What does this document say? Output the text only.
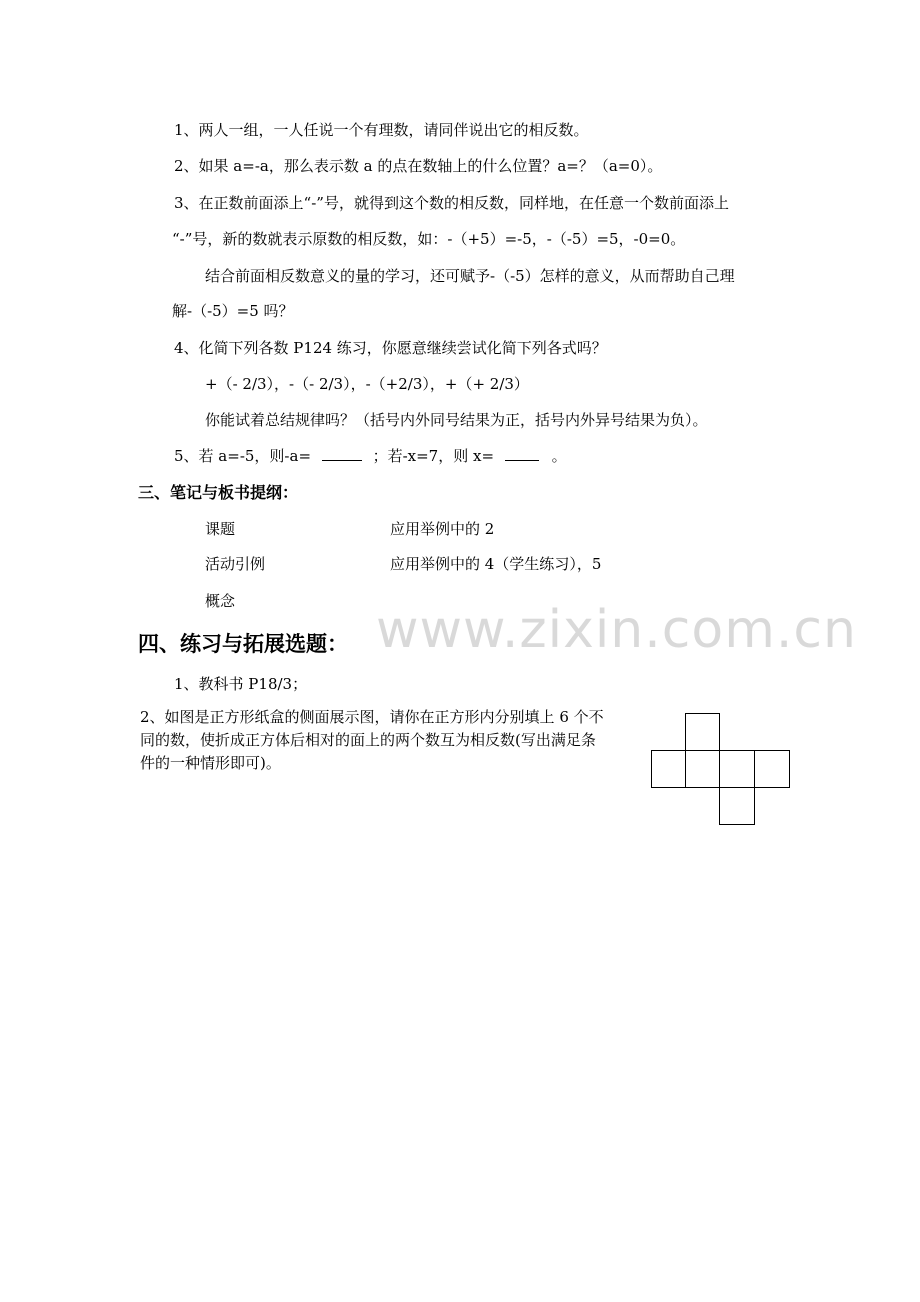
1、两人一组，一人任说一个有理数，请同伴说出它的相反数。
2、如果 a=-a，那么表示数 a 的点在数轴上的什么位置？a=？（a=0）。
3、在正数前面添上“-”号，就得到这个数的相反数，同样地，在任意一个数前面添上
“-”号，新的数就表示原数的相反数，如：-（+5）=-5，-（-5）=5，-0=0。
结合前面相反数意义的量的学习，还可赋予-（-5）怎样的意义，从而帮助自己理
解-（-5）=5 吗？
4、化简下列各数 P124 练习，你愿意继续尝试化简下列各式吗？
+（- 2/3），-（- 2/3），-（+2/3），+（+ 2/3）
你能试着总结规律吗？（括号内外同号结果为正，括号内外异号结果为负）。
5、若 a=-5，则-a=	；若-x=7，则 x=	。
三、笔记与板书提纲：
课题	应用举例中的 2
活动引例	应用举例中的 4（学生练习），5
概念	www.zixin.com.cn
四、练习与拓展选题：
1、教科书 P18/3；
2、如图是正方形纸盒的侧面展示图，请你在正方形内分别填上 6 个不
同的数，使折成正方体后相对的面上的两个数互为相反数(写出满足条
件的一种情形即可)。
